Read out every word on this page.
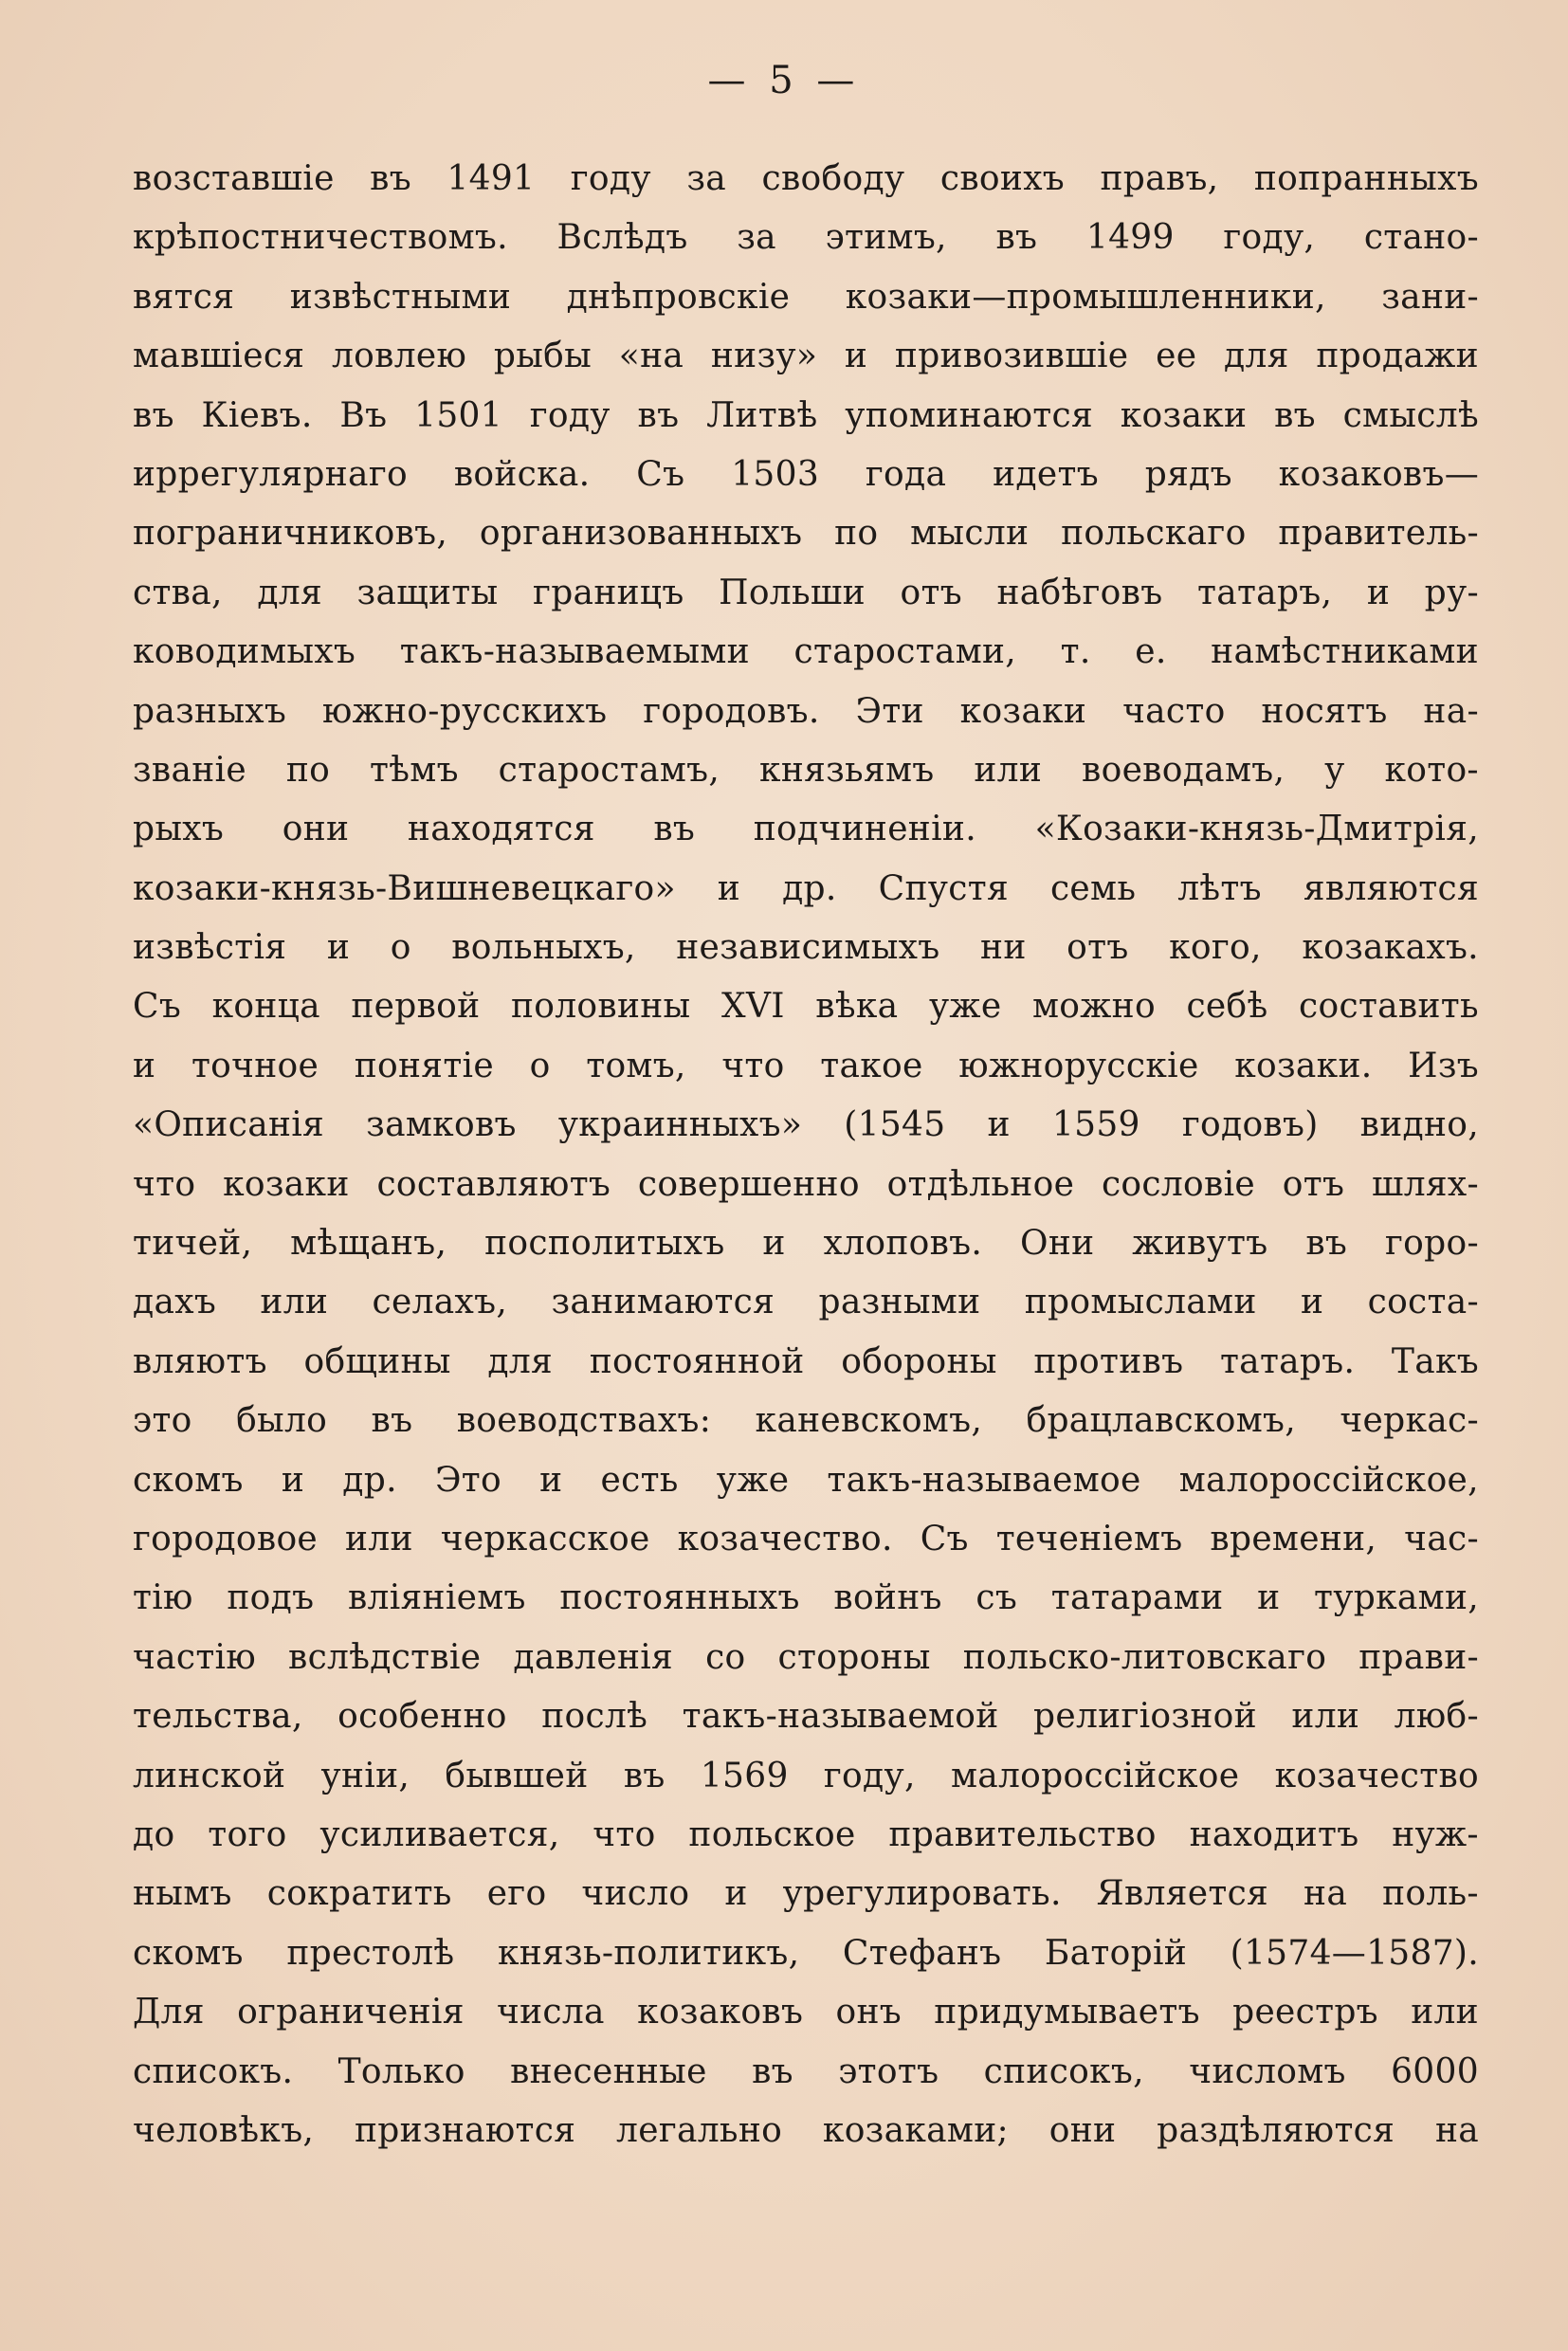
— 5 —
возставшіе въ 1491 году за свободу своихъ правъ, попранныхъ
крѣпостничествомъ. Вслѣдъ за этимъ, въ 1499 году, стано-
вятся извѣстными днѣпровскіе козаки—промышленники, зани-
мавшіеся ловлею рыбы «на низу» и привозившіе ее для продажи
въ Кіевъ. Въ 1501 году въ Литвѣ упоминаются козаки въ смыслѣ
иррегулярнаго войска. Съ 1503 года идетъ рядъ козаковъ—
пограничниковъ, организованныхъ по мысли польскаго правитель-
ства, для защиты границъ Польши отъ набѣговъ татаръ, и ру-
ководимыхъ такъ-называемыми старостами, т. е. намѣстниками
разныхъ южно-русскихъ городовъ. Эти козаки часто носятъ на-
званіе по тѣмъ старостамъ, князьямъ или воеводамъ, у кото-
рыхъ они находятся въ подчиненіи. «Козаки-князь-Дмитрія,
козаки-князь-Вишневецкаго» и др. Спустя семь лѣтъ являются
извѣстія и о вольныхъ, независимыхъ ни отъ кого, козакахъ.
Съ конца первой половины XVI вѣка уже можно себѣ составить
и точное понятіе о томъ, что такое южнорусскіе козаки. Изъ
«Описанія замковъ украинныхъ» (1545 и 1559 годовъ) видно,
что козаки составляютъ совершенно отдѣльное сословіе отъ шлях-
тичей, мѣщанъ, посполитыхъ и хлоповъ. Они живутъ въ горо-
дахъ или селахъ, занимаются разными промыслами и соста-
вляютъ общины для постоянной обороны противъ татаръ. Такъ
это было въ воеводствахъ: каневскомъ, брацлавскомъ, черкас-
скомъ и др. Это и есть уже такъ-называемое малороссійское,
городовое или черкасское козачество. Съ теченіемъ времени, час-
тію подъ вліяніемъ постоянныхъ войнъ съ татарами и турками,
частію вслѣдствіе давленія со стороны польско-литовскаго прави-
тельства, особенно послѣ такъ-называемой религіозной или люб-
линской уніи, бывшей въ 1569 году, малороссійское козачество
до того усиливается, что польское правительство находитъ нуж-
нымъ сократить его число и урегулировать. Является на поль-
скомъ престолѣ князь-политикъ, Стефанъ Баторій (1574—1587).
Для ограниченія числа козаковъ онъ придумываетъ реестръ или
списокъ. Только внесенные въ этотъ списокъ, числомъ 6000
человѣкъ, признаются легально козаками; они раздѣляются на
